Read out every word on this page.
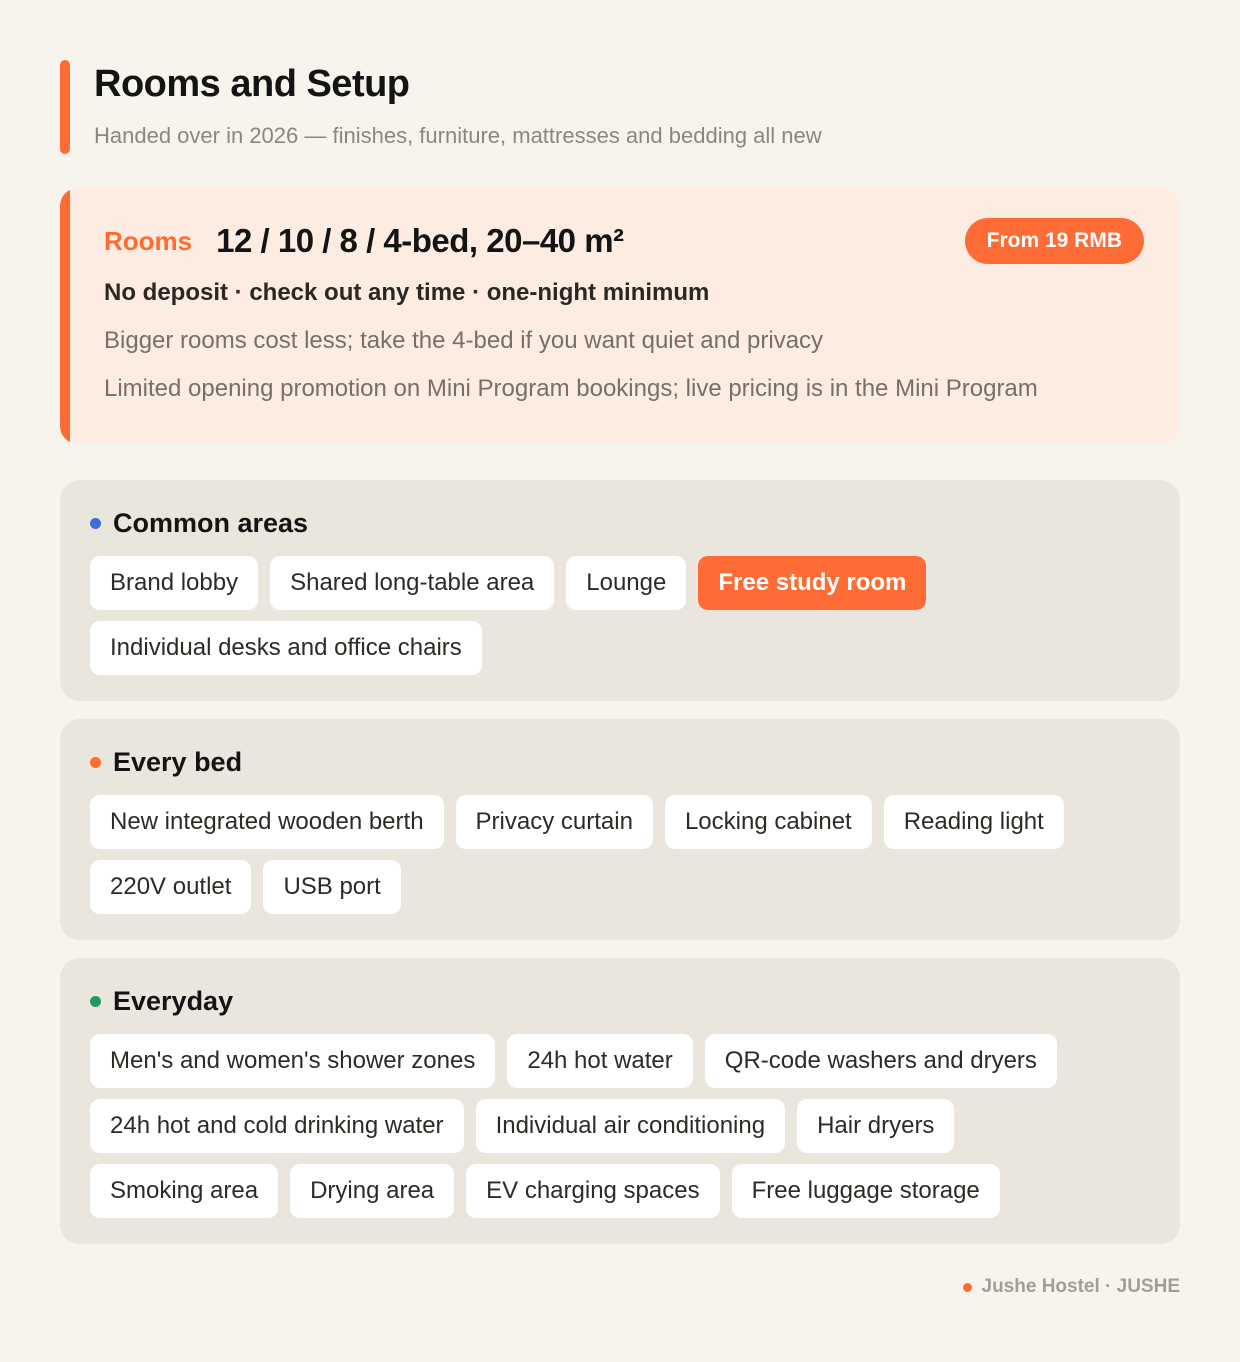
Rooms and Setup
Handed over in 2026 — finishes, furniture, mattresses and bedding all new
Rooms 12 / 10 / 8 / 4-bed, 20–40 m²	From 19 RMB
No deposit · check out any time · one-night minimum
Bigger rooms cost less; take the 4-bed if you want quiet and privacy
Limited opening promotion on Mini Program bookings; live pricing is in the Mini Program
Common areas
Brand lobby	Shared long-table area	Lounge	Free study room
Individual desks and office chairs
Every bed
New integrated wooden berth	Privacy curtain	Locking cabinet	Reading light
220V outlet	USB port
Everyday
Men's and women's shower zones	24h hot water	QR-code washers and dryers
24h hot and cold drinking water	Individual air conditioning	Hair dryers
Smoking area	Drying area	EV charging spaces	Free luggage storage
Jushe Hostel · JUSHE
